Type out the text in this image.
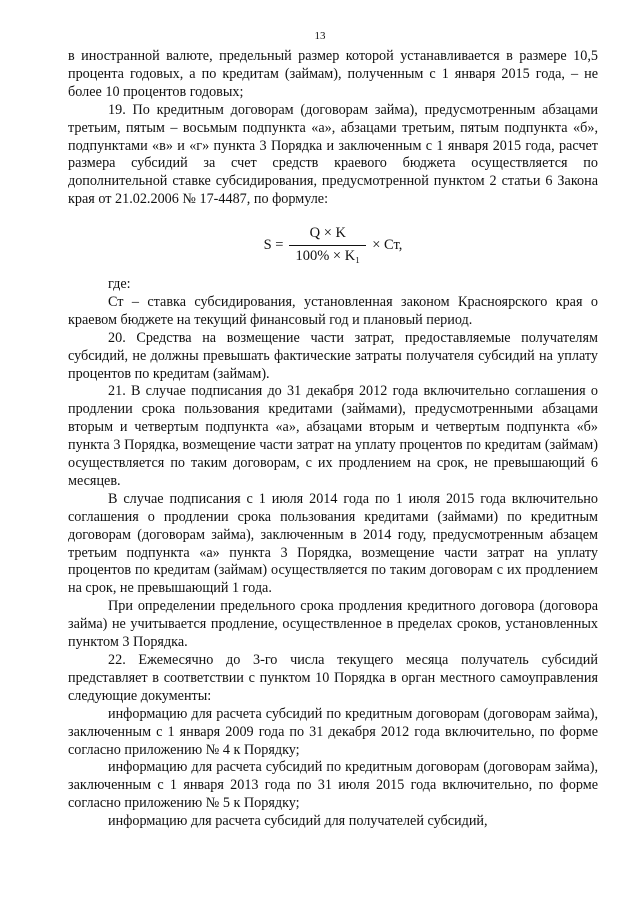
13

в иностранной валюте, предельный размер которой устанавливается в размере 10,5 процента годовых, а по кредитам (займам), полученным с 1 января 2015 года, – не более 10 процентов годовых;

19. По кредитным договорам (договорам займа), предусмотренным абзацами третьим, пятым – восьмым подпункта «а», абзацами третьим, пятым подпункта «б», подпунктами «в» и «г» пункта 3 Порядка и заключенным с 1 января 2015 года, расчет размера субсидий за счет средств краевого бюджета осуществляется по дополнительной ставке субсидирования, предусмотренной пунктом 2 статьи 6 Закона края от 21.02.2006 № 17-4487, по формуле:

$S = \frac{Q \times K}{\text{100\% × K₁}}$ × Ст,

где:

Ст – ставка субсидирования, установленная законом Красноярского края о краевом бюджете на текущий финансовый год и плановый период.

20. Средства на возмещение части затрат, предоставляемые получателям субсидий, не должны превышать фактические затраты получателя субсидий на уплату процентов по кредитам (займам).

21. В случае подписания до 31 декабря 2012 года включительно соглашения о продлении срока пользования кредитами (займами), предусмотренными абзацами вторым и четвертым подпункта «а», абзацами вторым и четвертым подпункта «б» пункта 3 Порядка, возмещение части затрат на уплату процентов по кредитам (займам) осуществляется по таким договорам, с их продлением на срок, не превышающий 6 месяцев.

В случае подписания с 1 июля 2014 года по 1 июля 2015 года включительно соглашения о продлении срока пользования кредитами (займами) по кредитным договорам (договорам займа), заключенным в 2014 году, предусмотренным абзацем третьим подпункта «а» пункта 3 Порядка, возмещение части затрат на уплату процентов по кредитам (займам) осуществляется по таким договорам с их продлением на срок, не превышающий 1 года.

При определении предельного срока продления кредитного договора (договора займа) не учитывается продление, осуществленное в пределах сроков, установленных пунктом 3 Порядка.

22. Ежемесячно до 3-го числа текущего месяца получатель субсидий представляет в соответствии с пунктом 10 Порядка в орган местного самоуправления следующие документы:

информацию для расчета субсидий по кредитным договорам (договорам займа), заключенным с 1 января 2009 года по 31 декабря 2012 года включительно, по форме согласно приложению № 4 к Порядку;
информацию для расчета субсидий по кредитным договорам (договорам займа), заключенным с 1 января 2013 года по 31 июля 2015 года включительно, по форме согласно приложению № 5 к Порядку;
информацию для расчета субсидий для получателей субсидий,
